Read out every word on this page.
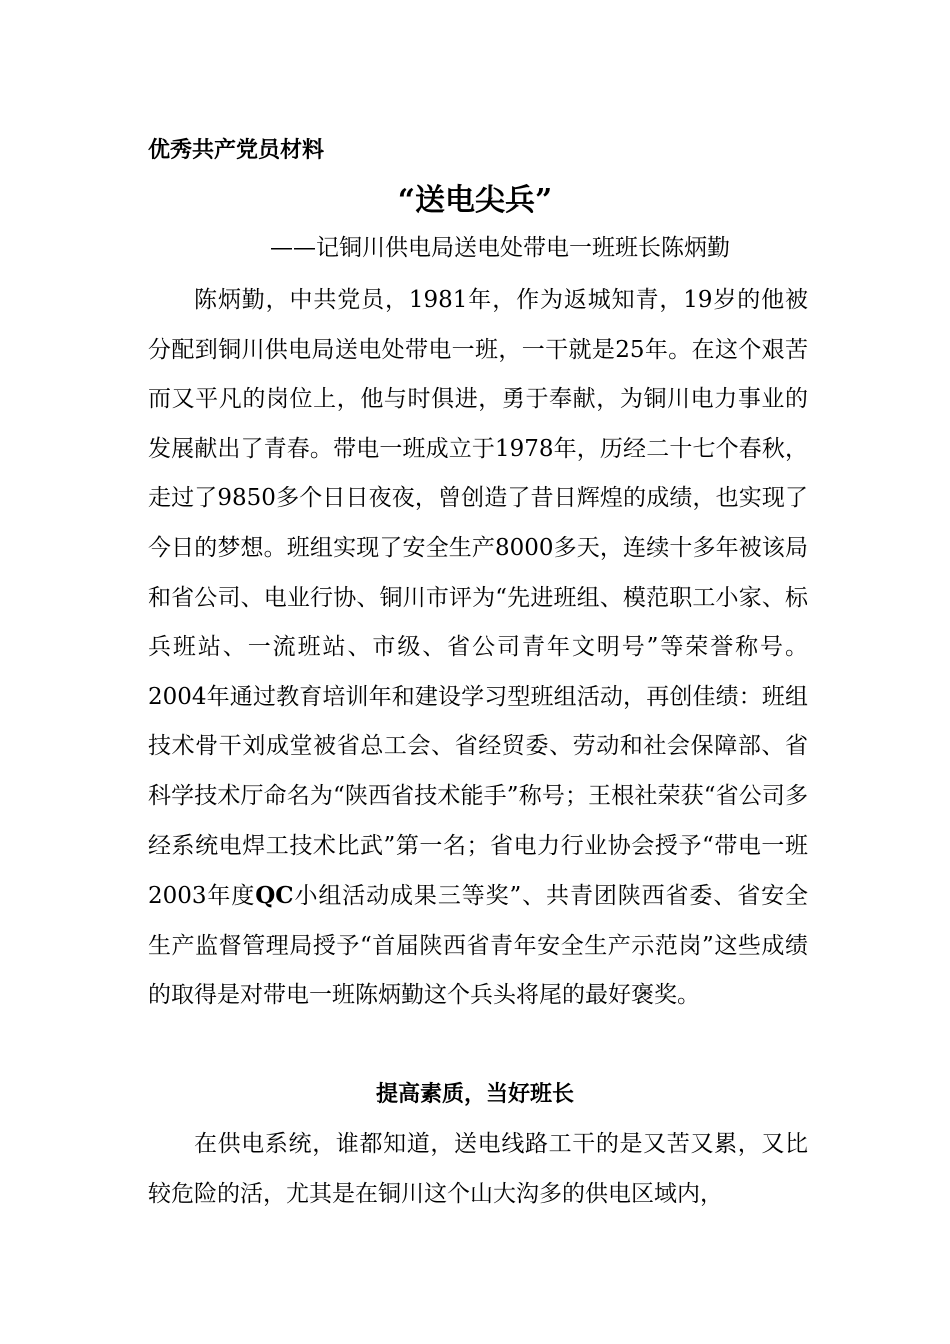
优秀共产党员材料
“送电尖兵”
——记铜川供电局送电处带电一班班长陈炳勤

陈炳勤，中共党员，1981年，作为返城知青，19岁的他被分配到铜川供电局送电处带电一班，一干就是25年。在这个艰苦而又平凡的岗位上，他与时俱进，勇于奉献，为铜川电力事业的发展献出了青春。带电一班成立于1978年，历经二十七个春秋，走过了9850多个日日夜夜，曾创造了昔日辉煌的成绩，也实现了今日的梦想。班组实现了安全生产8000多天，连续十多年被该局和省公司、电业行协、铜川市评为“先进班组、模范职工小家、标兵班站、一流班站、市级、省公司青年文明号”等荣誉称号。2004年通过教育培训年和建设学习型班组活动，再创佳绩：班组技术骨干刘成堂被省总工会、省经贸委、劳动和社会保障部、省科学技术厅命名为“陕西省技术能手”称号；王根社荣获“省公司多经系统电焊工技术比武”第一名；省电力行业协会授予“带电一班2003年度QC小组活动成果三等奖”、共青团陕西省委、省安全生产监督管理局授予“首届陕西省青年安全生产示范岗”这些成绩的取得是对带电一班陈炳勤这个兵头将尾的最好褒奖。

提高素质，当好班长

在供电系统，谁都知道，送电线路工干的是又苦又累，又比较危险的活，尤其是在铜川这个山大沟多的供电区域内，
